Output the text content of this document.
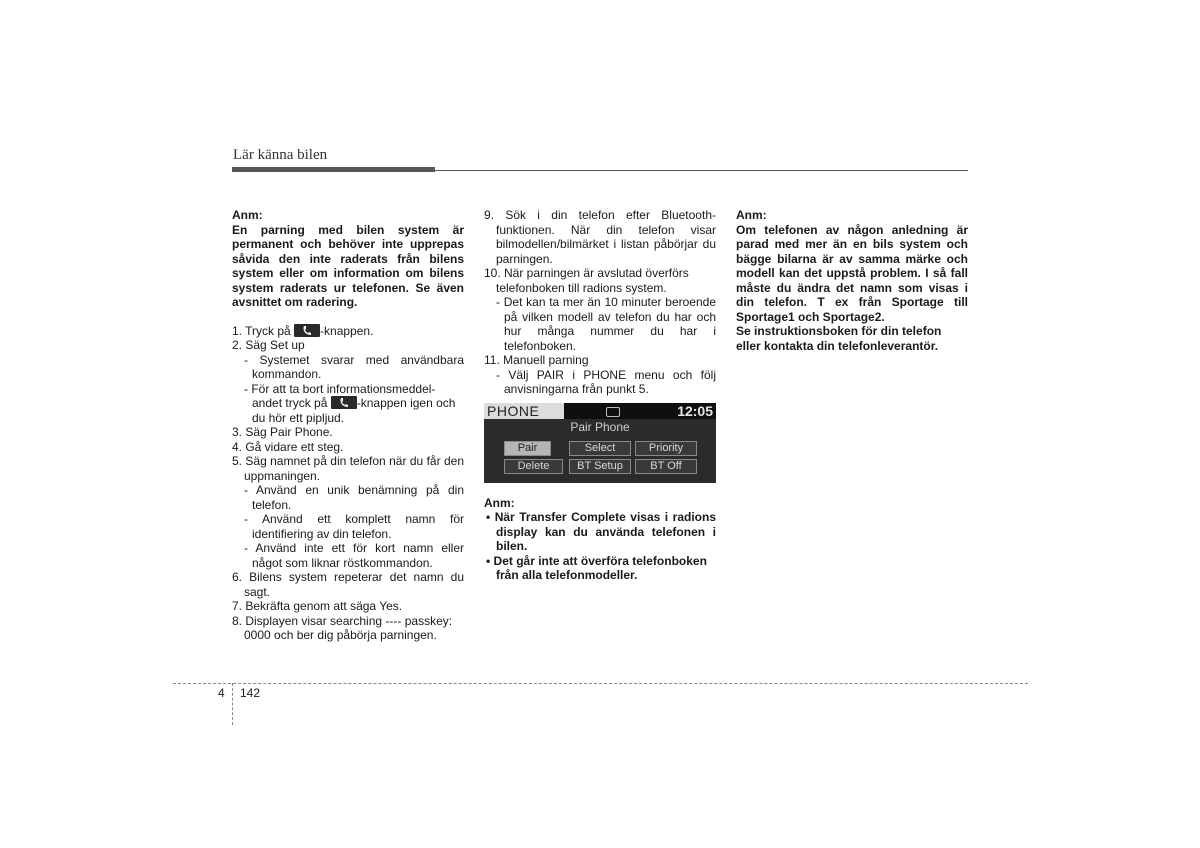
Lär känna bilen

Anm:

En parning med bilen system är permanent och behöver inte upprepas såvida den inte raderats från bilens system eller om information om bilens system raderats ur telefonen. Se även avsnittet om radering.

1. Tryck på
-knappen.

2. Säg Set up

- Systemet svarar med användbara kommandon.

- För att ta bort informationsmeddel-andet tryck på
-knappen igen och du hör ett pipljud.

3. Säg Pair Phone.

4. Gå vidare ett steg.

5. Säg namnet på din telefon när du får den uppmaningen.

- Använd en unik benämning på din telefon.

- Använd ett komplett namn för identifiering av din telefon.

- Använd inte ett för kort namn eller något som liknar röstkommandon.

6. Bilens system repeterar det namn du sagt.

7. Bekräfta genom att säga Yes.

8. Displayen visar searching ---- passkey: 0000 och ber dig påbörja parningen.

9. Sök i din telefon efter Bluetooth-funktionen. När din telefon visar bilmodellen/bilmärket i listan påbörjar du parningen.

10. När parningen är avslutad överförs telefonboken till radions system.

- Det kan ta mer än 10 minuter beroende på vilken modell av telefon du har och hur många nummer du har i telefonboken.

11. Manuell parning

- Välj PAIR i PHONE menu och följ anvisningarna från punkt 5.

PHONE	12:05
Pair Phone
Pair	Select	Priority
Delete	BT Setup	BT Off

Anm:

• När Transfer Complete visas i radions display kan du använda telefonen i bilen.

• Det går inte att överföra telefonboken från alla telefonmodeller.

Anm:

Om telefonen av någon anledning är parad med mer än en bils system och bägge bilarna är av samma märke och modell kan det uppstå problem. I så fall måste du ändra det namn som visas i din telefon. T ex från Sportage till Sportage1 och Sportage2.

Se instruktionsboken för din telefon eller kontakta din telefonleverantör.

4 142
